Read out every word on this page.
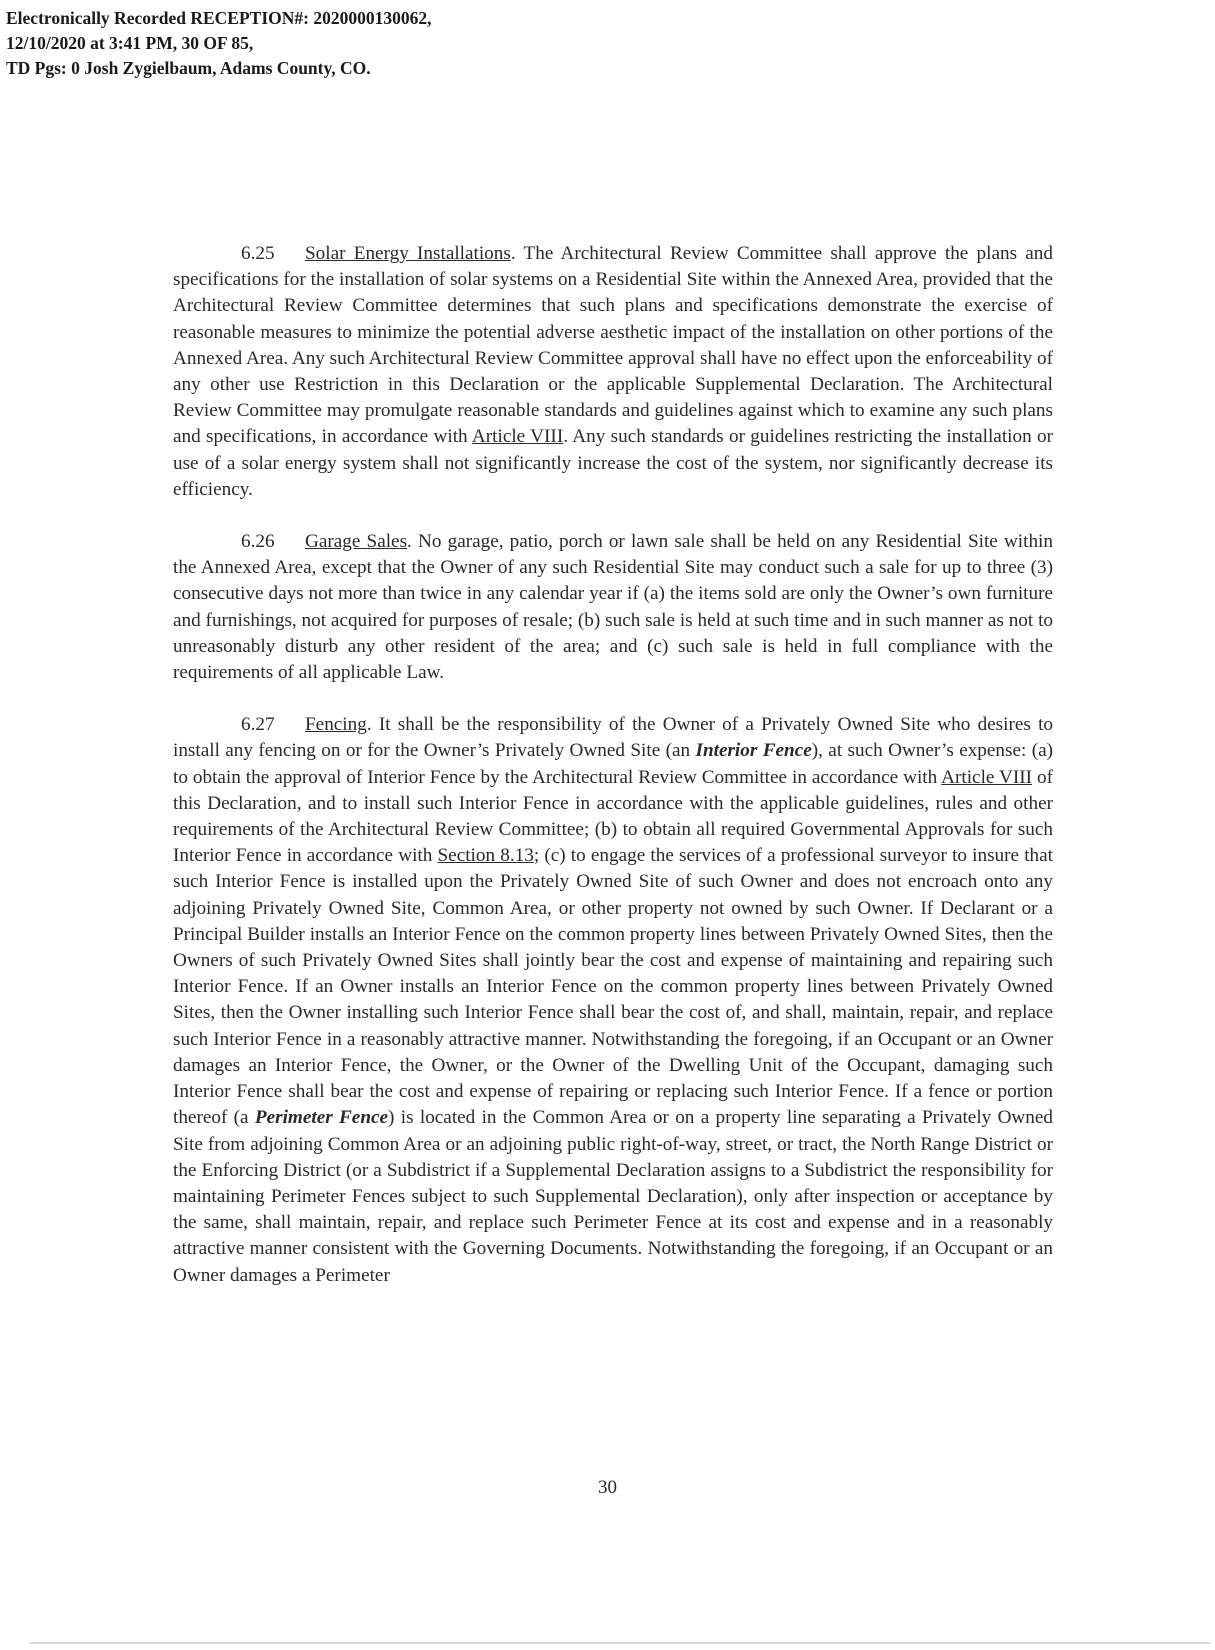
Electronically Recorded RECEPTION#: 2020000130062,
12/10/2020 at 3:41 PM, 30 OF 85,
TD Pgs: 0 Josh Zygielbaum, Adams County, CO.

6.25 Solar Energy Installations. The Architectural Review Committee shall approve the plans and specifications for the installation of solar systems on a Residential Site within the Annexed Area, provided that the Architectural Review Committee determines that such plans and specifications demonstrate the exercise of reasonable measures to minimize the potential adverse aesthetic impact of the installation on other portions of the Annexed Area. Any such Architectural Review Committee approval shall have no effect upon the enforceability of any other use Restriction in this Declaration or the applicable Supplemental Declaration. The Architectural Review Committee may promulgate reasonable standards and guidelines against which to examine any such plans and specifications, in accordance with Article VIII. Any such standards or guidelines restricting the installation or use of a solar energy system shall not significantly increase the cost of the system, nor significantly decrease its efficiency.

6.26 Garage Sales. No garage, patio, porch or lawn sale shall be held on any Residential Site within the Annexed Area, except that the Owner of any such Residential Site may conduct such a sale for up to three (3) consecutive days not more than twice in any calendar year if (a) the items sold are only the Owner’s own furniture and furnishings, not acquired for purposes of resale; (b) such sale is held at such time and in such manner as not to unreasonably disturb any other resident of the area; and (c) such sale is held in full compliance with the requirements of all applicable Law.

6.27 Fencing. It shall be the responsibility of the Owner of a Privately Owned Site who desires to install any fencing on or for the Owner’s Privately Owned Site (an Interior Fence), at such Owner’s expense: (a) to obtain the approval of Interior Fence by the Architectural Review Committee in accordance with Article VIII of this Declaration, and to install such Interior Fence in accordance with the applicable guidelines, rules and other requirements of the Architectural Review Committee; (b) to obtain all required Governmental Approvals for such Interior Fence in accordance with Section 8.13; (c) to engage the services of a professional surveyor to insure that such Interior Fence is installed upon the Privately Owned Site of such Owner and does not encroach onto any adjoining Privately Owned Site, Common Area, or other property not owned by such Owner. If Declarant or a Principal Builder installs an Interior Fence on the common property lines between Privately Owned Sites, then the Owners of such Privately Owned Sites shall jointly bear the cost and expense of maintaining and repairing such Interior Fence. If an Owner installs an Interior Fence on the common property lines between Privately Owned Sites, then the Owner installing such Interior Fence shall bear the cost of, and shall, maintain, repair, and replace such Interior Fence in a reasonably attractive manner. Notwithstanding the foregoing, if an Occupant or an Owner damages an Interior Fence, the Owner, or the Owner of the Dwelling Unit of the Occupant, damaging such Interior Fence shall bear the cost and expense of repairing or replacing such Interior Fence. If a fence or portion thereof (a Perimeter Fence) is located in the Common Area or on a property line separating a Privately Owned Site from adjoining Common Area or an adjoining public right-of-way, street, or tract, the North Range District or the Enforcing District (or a Subdistrict if a Supplemental Declaration assigns to a Subdistrict the responsibility for maintaining Perimeter Fences subject to such Supplemental Declaration), only after inspection or acceptance by the same, shall maintain, repair, and replace such Perimeter Fence at its cost and expense and in a reasonably attractive manner consistent with the Governing Documents. Notwithstanding the foregoing, if an Occupant or an Owner damages a Perimeter

30
